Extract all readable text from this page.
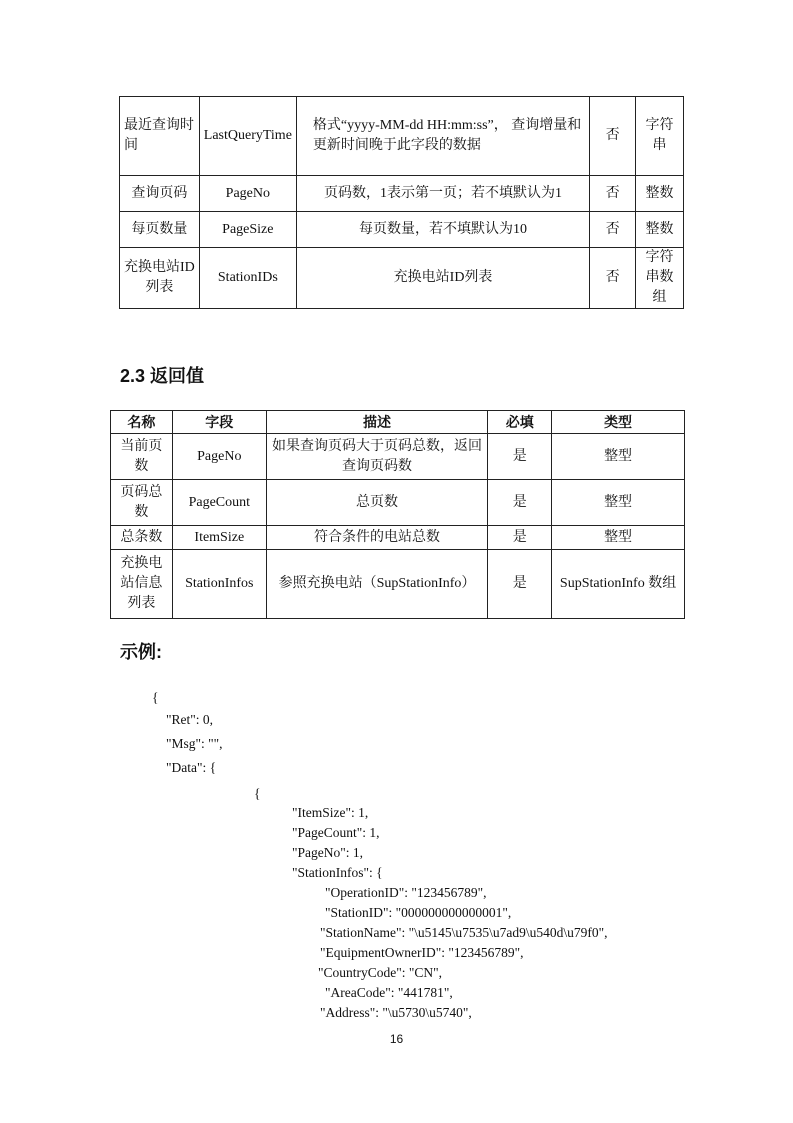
最近查询时间	LastQueryTime	格式“yyyy-MM-dd HH:mm:ss”， 查询增量和更新时间晚于此字段的数据	否	字符串
查询页码	PageNo	页码数，1表示第一页；若不填默认为1	否	整数
每页数量	PageSize	每页数量，若不填默认为10	否	整数
充换电站ID列表	StationIDs	充换电站ID列表	否	字符串数组
2.3 返回值
名称	字段	描述	必填	类型
当前页数	PageNo	如果查询页码大于页码总数，返回查询页码数	是	整型
页码总数	PageCount	总页数	是	整型
总条数	ItemSize	符合条件的电站总数	是	整型
充换电站信息列表	StationInfos	参照充换电站（SupStationInfo）	是	SupStationInfo 数组
示例:
{
"Ret": 0,
"Msg": "",
"Data": {
{
"ItemSize": 1,
"PageCount": 1,
"PageNo": 1,
"StationInfos": {
"OperationID": "123456789",
"StationID": "000000000000001",
"StationName": "\u5145\u7535\u7ad9\u540d\u79f0",
"EquipmentOwnerID": "123456789",
"CountryCode": "CN",
"AreaCode": "441781",
"Address": "\u5730\u5740",
16
